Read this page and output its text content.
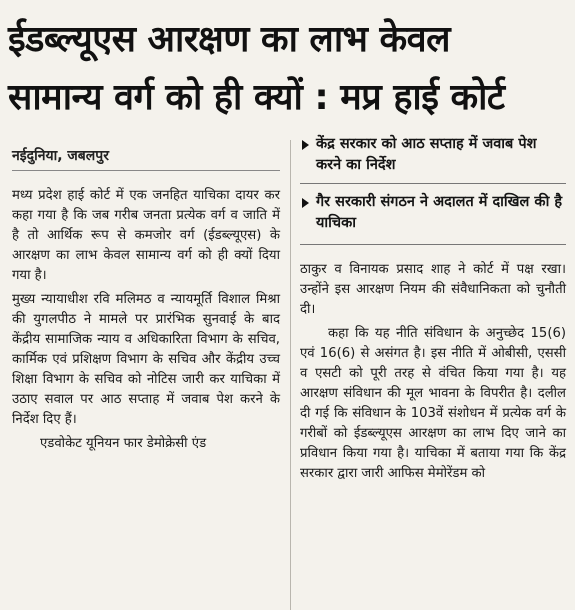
ईडब्ल्यूएस आरक्षण का लाभ केवल
सामान्य वर्ग को ही क्यों : मप्र हाई कोर्ट
नईदुनिया, जबलपुर
केंद्र सरकार को आठ सप्ताह में जवाब पेश करने का निर्देश
गैर सरकारी संगठन ने अदालत में दाखिल की है याचिका

मध्य प्रदेश हाई कोर्ट में एक जनहित याचिका दायर कर कहा गया है कि जब गरीब जनता प्रत्येक वर्ग व जाति में है तो आर्थिक रूप से कमजोर वर्ग (ईडब्ल्यूएस) के आरक्षण का लाभ केवल सामान्य वर्ग को ही क्यों दिया गया है।

मुख्य न्यायाधीश रवि मलिमठ व न्यायमूर्ति विशाल मिश्रा की युगलपीठ ने मामले पर प्रारंभिक सुनवाई के बाद केंद्रीय सामाजिक न्याय व अधिकारिता विभाग के सचिव, कार्मिक एवं प्रशिक्षण विभाग के सचिव और केंद्रीय उच्च शिक्षा विभाग के सचिव को नोटिस जारी कर याचिका में उठाए सवाल पर आठ सप्ताह में जवाब पेश करने के निर्देश दिए हैं।

एडवोकेट यूनियन फार डेमोक्रेसी एंड

ठाकुर व विनायक प्रसाद शाह ने कोर्ट में पक्ष रखा। उन्होंने इस आरक्षण नियम की संवैधानिकता को चुनौती दी।

कहा कि यह नीति संविधान के अनुच्छेद 15(6) एवं 16(6) से असंगत है। इस नीति में ओबीसी, एससी व एसटी को पूरी तरह से वंचित किया गया है। यह आरक्षण संविधान की मूल भावना के विपरीत है। दलील दी गई कि संविधान के 103वें संशोधन में प्रत्येक वर्ग के गरीबों को ईडब्ल्यूएस आरक्षण का लाभ दिए जाने का प्रविधान किया गया है। याचिका में बताया गया कि केंद्र सरकार द्वारा जारी आफिस मेमोरेंडम को
